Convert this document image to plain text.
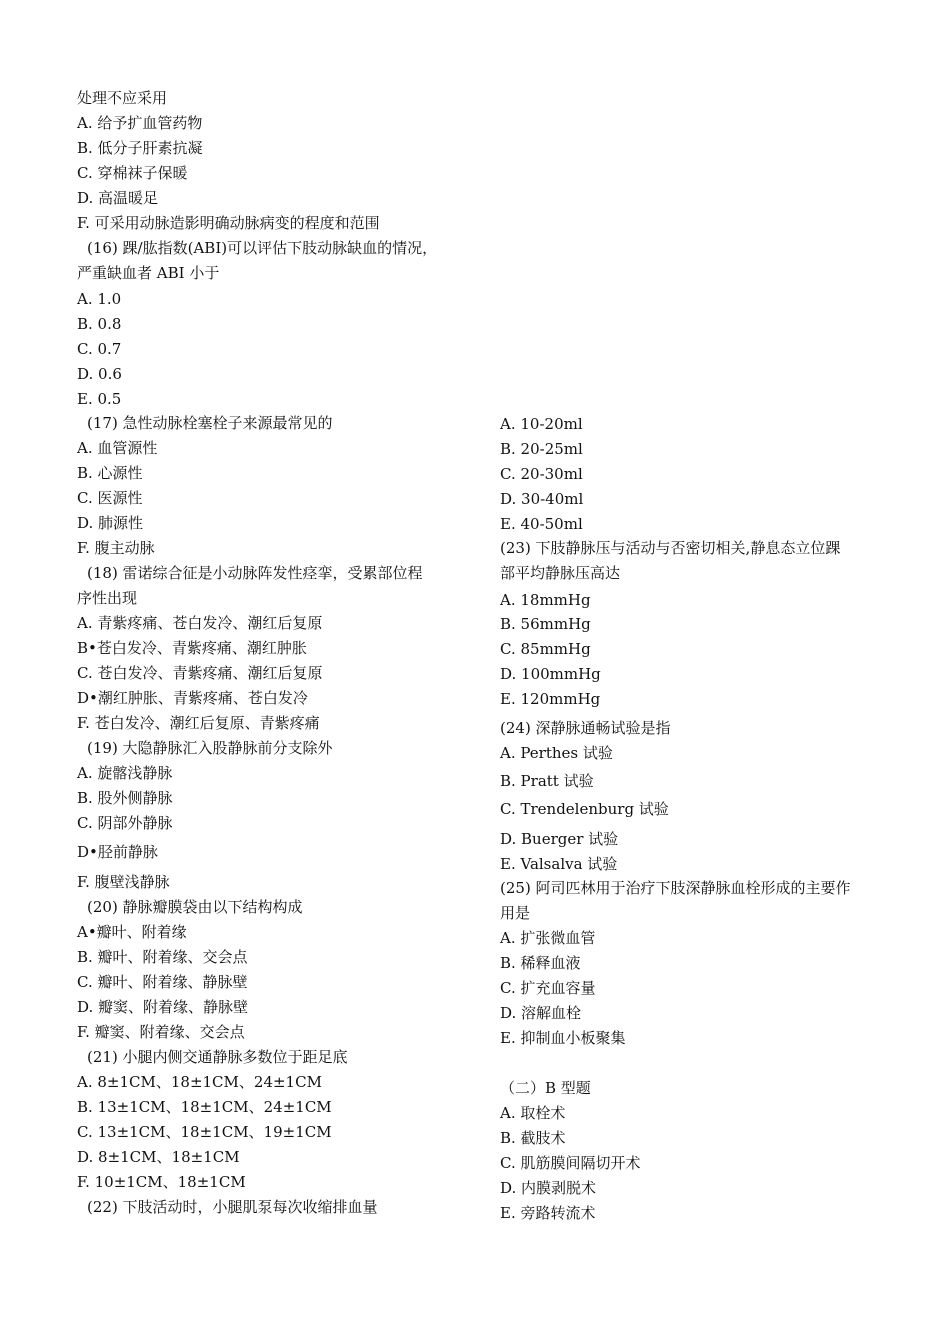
处理不应采用
A. 给予扩血管药物
B. 低分子肝素抗凝
C. 穿棉袜子保暖
D. 高温暖足
F. 可采用动脉造影明确动脉病变的程度和范围
(16) 踝/肱指数(ABI)可以评估下肢动脉缺血的情况，
严重缺血者 ABI 小于
A. 1.0
B. 0.8
C. 0.7
D. 0.6
E. 0.5
(17) 急性动脉栓塞栓子来源最常见的
A. 血管源性
B. 心源性
C. 医源性
D. 肺源性
F. 腹主动脉
(18) 雷诺综合征是小动脉阵发性痉挛，受累部位程
序性出现
A. 青紫疼痛、苍白发冷、潮红后复原
B•苍白发冷、青紫疼痛、潮红肿胀
C. 苍白发冷、青紫疼痛、潮红后复原
D•潮红肿胀、青紫疼痛、苍白发冷
F. 苍白发冷、潮红后复原、青紫疼痛
(19) 大隐静脉汇入股静脉前分支除外
A. 旋髂浅静脉
B. 股外侧静脉
C. 阴部外静脉
D•胫前静脉
F. 腹壁浅静脉
(20) 静脉瓣膜袋由以下结构构成
A•瓣叶、附着缘
B. 瓣叶、附着缘、交会点
C. 瓣叶、附着缘、静脉壁
D. 瓣窦、附着缘、静脉壁
F. 瓣窦、附着缘、交会点
(21) 小腿内侧交通静脉多数位于距足底
A. 8±1CM、18±1CM、24±1CM
B. 13±1CM、18±1CM、24±1CM
C. 13±1CM、18±1CM、19±1CM
D. 8±1CM、18±1CM
F. 10±1CM、18±1CM
(22) 下肢活动时，小腿肌泵每次收缩排血量
A. 10-20ml
B. 20-25ml
C. 20-30ml
D. 30-40ml
E. 40-50ml
(23) 下肢静脉压与活动与否密切相关,静息态立位踝
部平均静脉压高达
A. 18mmHg
B. 56mmHg
C. 85mmHg
D. 100mmHg
E. 120mmHg
(24) 深静脉通畅试验是指
A. Perthes 试验
B. Pratt 试验
C. Trendelenburg 试验
D. Buerger 试验
E. Valsalva 试验
(25) 阿司匹林用于治疗下肢深静脉血栓形成的主要作
用是
A. 扩张微血管
B. 稀释血液
C. 扩充血容量
D. 溶解血栓
E. 抑制血小板聚集
（二）B 型题
A. 取栓术
B. 截肢术
C. 肌筋膜间隔切开术
D. 内膜剥脱术
E. 旁路转流术
